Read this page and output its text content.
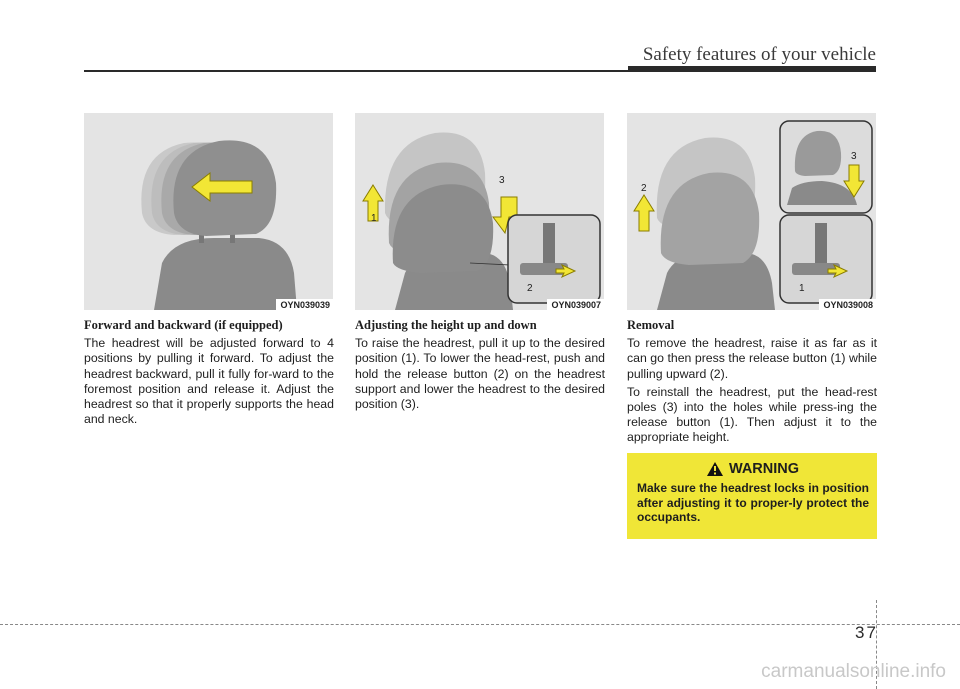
Safety features of your vehicle
OYN039039
1
3
2
OYN039007
2
3
1
OYN039008
Forward and backward (if equipped)

The headrest will be adjusted forward to 4 positions by pulling it forward. To adjust the headrest backward, pull it fully for-ward to the foremost position and release it. Adjust the headrest so that it properly supports the head and neck.

Adjusting the height up and down

To raise the headrest, pull it up to the desired position (1). To lower the head-rest, push and hold the release button (2) on the headrest support and lower the headrest to the desired position (3).

Removal

To remove the headrest, raise it as far as it can go then press the release button (1) while pulling upward (2).

To reinstall the headrest, put the head-rest poles (3) into the holes while press-ing the release button (1). Then adjust it to the appropriate height.

WARNING
Make sure the headrest locks in position after adjusting it to proper-ly protect the occupants.
37
carmanualsonline.info
